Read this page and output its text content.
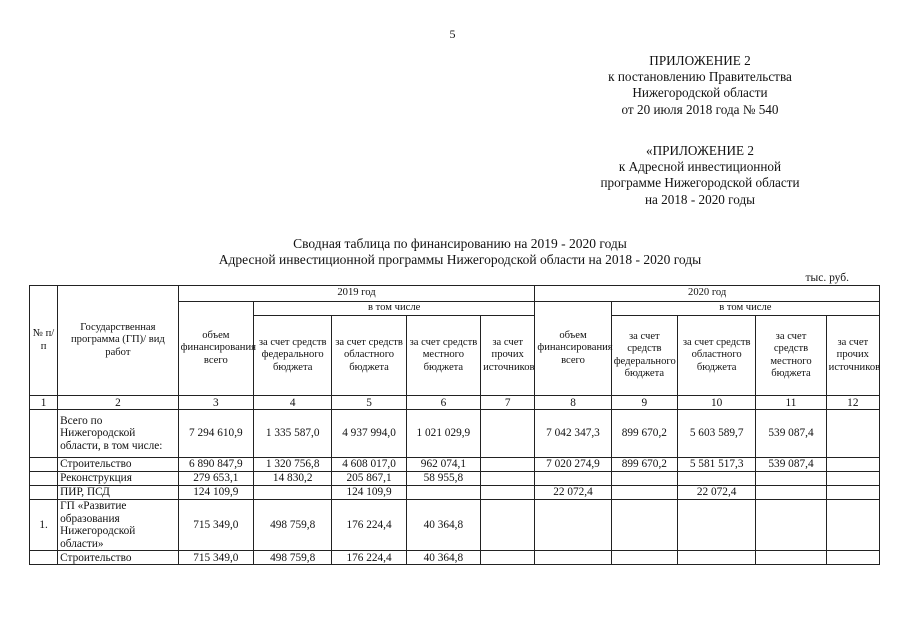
5
ПРИЛОЖЕНИЕ 2
к постановлению Правительства
Нижегородской области
от 20 июля 2018 года № 540
«ПРИЛОЖЕНИЕ 2
к Адресной инвестиционной
программе Нижегородской области
на 2018 - 2020 годы
Сводная таблица по финансированию на 2019 - 2020 годы
Адресной инвестиционной программы Нижегородской области на 2018 - 2020 годы
тыс. руб.
№ п/п	Государственная программа (ГП)/ вид работ	2019 год					2020 год				
		объем финансирования всего	в том числе				объем финансирования всего	в том числе			
			за счет средств федерального бюджета	за счет средств областного бюджета	за счет средств местного бюджета	за счет прочих источников		за счет средств федерального бюджета	за счет средств областного бюджета	за счет средств местного бюджета	за счет прочих источников
1	2	3	4	5	6	7	8	9	10	11	12
	Всего по Нижегородской области, в том числе:	7 294 610,9	1 335 587,0	4 937 994,0	1 021 029,9		7 042 347,3	899 670,2	5 603 589,7	539 087,4	
	Строительство	6 890 847,9	1 320 756,8	4 608 017,0	962 074,1		7 020 274,9	899 670,2	5 581 517,3	539 087,4	
	Реконструкция	279 653,1	14 830,2	205 867,1	58 955,8						
	ПИР, ПСД	124 109,9		124 109,9			22 072,4		22 072,4		
1.	ГП «Развитие образования Нижегородской области»	715 349,0	498 759,8	176 224,4	40 364,8						
	Строительство	715 349,0	498 759,8	176 224,4	40 364,8						
